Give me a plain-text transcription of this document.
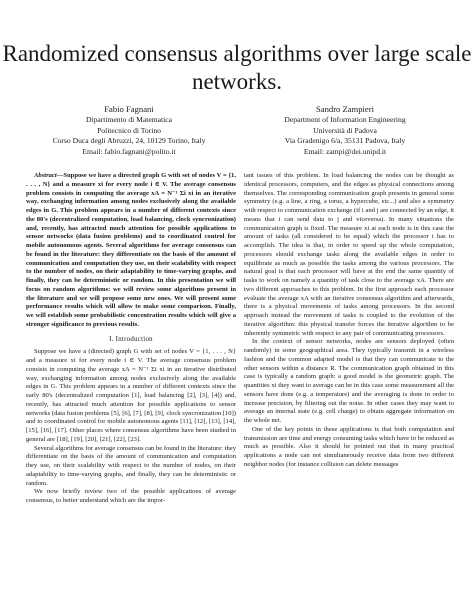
Randomized consensus algorithms over large scale networks.
Fabio Fagnani
Dipartimento di Matematica
Politecnico di Torino
Corso Duca degli Abruzzi, 24, 10129 Torino, Italy
Email: fabio.fagnani@polito.it
Sandro Zampieri
Department of Information Engineering
Università di Padova
Via Gradenigo 6/a, 35131 Padova, Italy
Email: zampi@dei.unipd.it

Abstract—Suppose we have a directed graph G with set of nodes V = {1, . . . , N} and a measure xi for every node i ∈ V. The average consensus problem consists in computing the average xA = N⁻¹ Σi xi in an iterative way, exchanging information among nodes exclusively along the available edges in G. This problem appears in a number of different contexts since the 80's (decentralized computation, load balancing, clock syncronization) and, recently, has attracted much attention for possible applications to sensor networks (data fusion problems) and to coordinated control for mobile autonomous agents. Several algorithms for average consensus can be found in the literature: they differentiate on the basis of the amount of communication and computation they use, on their scalability with respect to the number of nodes, on their adaptability to time-varying graphs, and finally, they can be deterministic or random. In this presentation we will focus on random algorithms: we will review some algorithms present in the literature and we will propose some new ones. We will present some performance results which will allow to make some comparison. Finally, we will establish some probabilistic concentration results which will give a stronger significance to previous results.

I. Introduction

Suppose we have a (directed) graph G with set of nodes V = {1, . . . , N} and a measure xi for every node i ∈ V. The average consensus problem consists in computing the average xA = N⁻¹ Σi xi in an iterative distributed way, exchanging information among nodes exclusively along the available edges in G. This problem appears in a number of different contexts since the early 80's (decentralized computation [1], load balancing [2], [3], [4]) and, recently, has attracted much attention for possible applications to sensor networks (data fusion problems [5], [6], [7], [8], [9], clock syncronization [10]) and to coordinated control for mobile autonomous agents [11], [12], [13], [14], [15], [16], [17]. Other places where consensus algorithms have been studied in general are [18], [19], [20], [21], [22], [23].

Several algorithms for average consensus can be found in the literature: they differentiate on the basis of the amount of communication and computation they use, on their scalability with respect to the number of nodes, on their adaptability to time-varying graphs, and finally, they can be deterministic or random.

We now briefly review two of the possible applications of average consensus, to better understand which are the impor-

tant issues of this problem. In load balancing the nodes can be thought as identical processors, computers, and the edges as physical connections among themselves. The corresponding communication graph presents in general some symmetry (e.g. a line, a ring, a torus, a hypercube, etc...) and also a symmetry with respect to communication exchange (if i and j are connected by an edge, it means that i can send data to j and viceversa). In many situations the communication graph is fixed. The measure xi at each node is in this case the amount of tasks (all considered to be equal) which the processor i has to accomplish. The idea is that, in order to speed up the whole computation, processors should exchange tasks along the available edges in order to equilibrate as much as possible the tasks among the various processors. The natural goal is that each processor will have at the end the same quantity of tasks to work on namely a quantity of task close to the average xA. There are two different approaches to this problem. In the first approach each processor evaluate the average xA with an iterative consensus algorithm and afterwards, there is a physical movements of tasks among processors. In the second approach instead the movement of tasks is coupled to the evolution of the iterative algorithm: this physical transfer forces the iterative algorithm to be inherently symmetric with respect to any pair of communicating processors.

In the context of sensor networks, nodes are sensors deployed (often randomly) in some geographical area. They typically transmit in a wireless fashion and the common adapted model is that they can communicate to the other sensors within a distance R. The communication graph obtained in this case is typically a random graph: a good model is the geometric graph. The quantities xi they want to average can be in this case some measurement all the sensors have done (e.g. a temperature) and the averaging is done in order to increase precision, by filtering out the noise. In other cases they may want to average an internal state (e.g. cell charge) to obtain aggregate information on the whole net.

One of the key points in these applications is that both computation and transmission are time and energy consuming tasks which have to be reduced as much as possible. Also it should be pointed out that in many practical applications a node can not simultaneously receive data from two different neighbor nodes (for instance collision can delete messages
